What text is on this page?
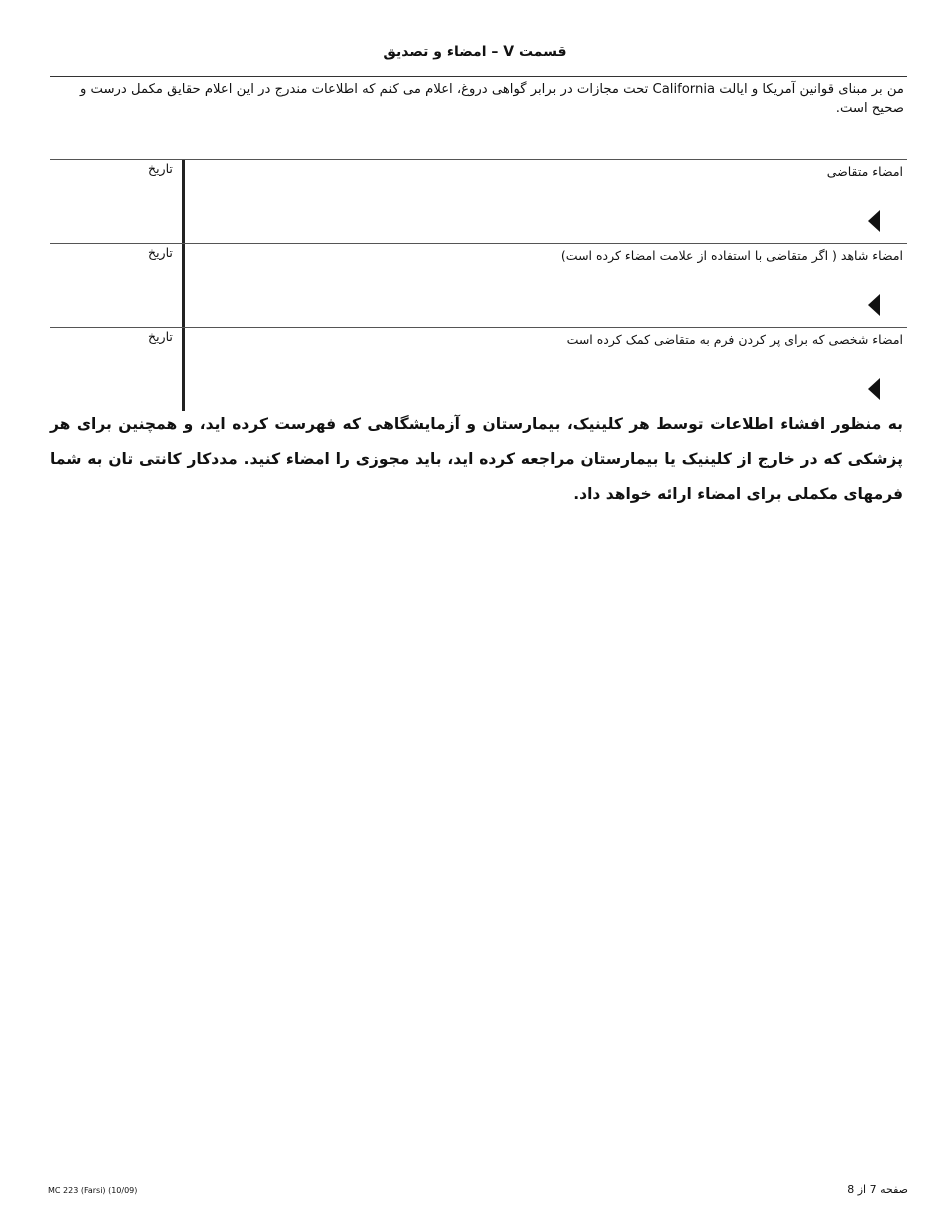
قسمت V – امضاء و تصدیق
من بر مبنای قوانین آمریکا و ایالت California تحت مجازات در برابر گواهی دروغ، اعلام می کنم که اطلاعات مندرج در این اعلام حقایق مکمل درست و صحیح است.
امضاء متقاضی
تاریخ
امضاء شاهد ( اگر متقاضی با استفاده از علامت امضاء کرده است)
تاریخ
امضاء شخصی که برای پر کردن فرم به متقاضی کمک کرده است
تاریخ
به منظور افشاء اطلاعات توسط هر کلینیک، بیمارستان و آزمایشگاهی که فهرست کرده اید، و همچنین برای هر پزشکی که در خارج از کلینیک یا بیمارستان مراجعه کرده اید، باید مجوزی را امضاء کنید. مددکار کانتی تان به شما فرمهای مکملی برای امضاء ارائه خواهد داد.
MC 223 (Farsi) (10/09)	صفحه 7 از 8
